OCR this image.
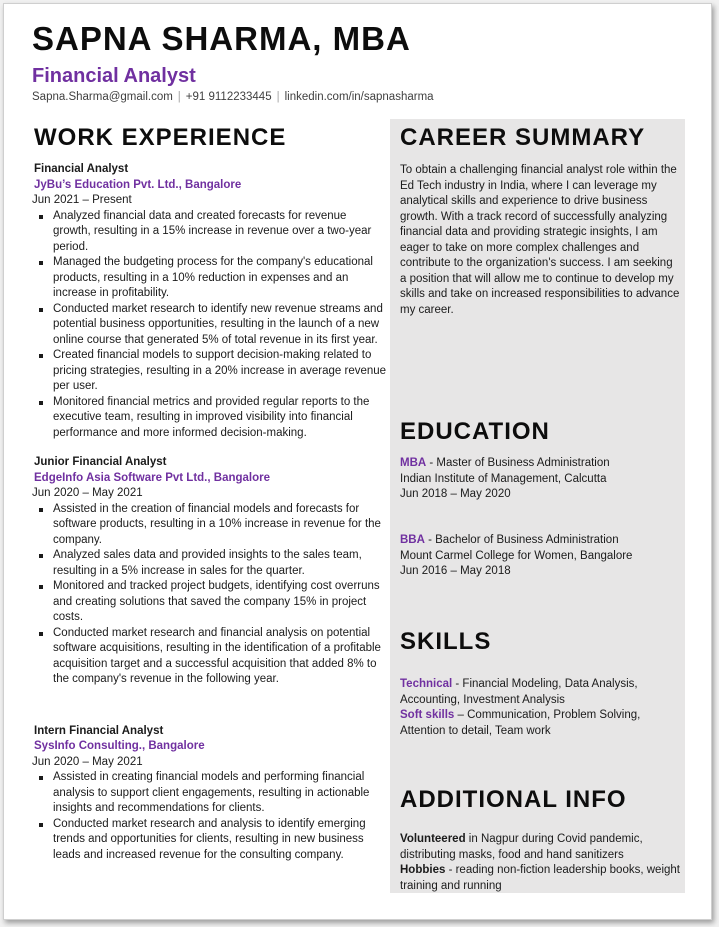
SAPNA SHARMA, MBA
Financial Analyst
Sapna.Sharma@gmail.com | +91 9112233445 | linkedin.com/in/sapnasharma
WORK EXPERIENCE
Financial Analyst
JyBu’s Education Pvt. Ltd., Bangalore
Jun 2021 – Present
Analyzed financial data and created forecasts for revenue growth, resulting in a 15% increase in revenue over a two-year period.
Managed the budgeting process for the company's educational products, resulting in a 10% reduction in expenses and an increase in profitability.
Conducted market research to identify new revenue streams and potential business opportunities, resulting in the launch of a new online course that generated 5% of total revenue in its first year.
Created financial models to support decision-making related to pricing strategies, resulting in a 20% increase in average revenue per user.
Monitored financial metrics and provided regular reports to the executive team, resulting in improved visibility into financial performance and more informed decision-making.
Junior Financial Analyst
EdgeInfo Asia Software Pvt Ltd., Bangalore
Jun 2020 – May 2021
Assisted in the creation of financial models and forecasts for software products, resulting in a 10% increase in revenue for the company.
Analyzed sales data and provided insights to the sales team, resulting in a 5% increase in sales for the quarter.
Monitored and tracked project budgets, identifying cost overruns and creating solutions that saved the company 15% in project costs.
Conducted market research and financial analysis on potential software acquisitions, resulting in the identification of a profitable acquisition target and a successful acquisition that added 8% to the company's revenue in the following year.
Intern Financial Analyst
SysInfo Consulting., Bangalore
Jun 2020 – May 2021
Assisted in creating financial models and performing financial analysis to support client engagements, resulting in actionable insights and recommendations for clients.
Conducted market research and analysis to identify emerging trends and opportunities for clients, resulting in new business leads and increased revenue for the consulting company.
CAREER SUMMARY
To obtain a challenging financial analyst role within the Ed Tech industry in India, where I can leverage my analytical skills and experience to drive business growth. With a track record of successfully analyzing financial data and providing strategic insights, I am eager to take on more complex challenges and contribute to the organization's success. I am seeking a position that will allow me to continue to develop my skills and take on increased responsibilities to advance my career.
EDUCATION
MBA - Master of Business Administration
Indian Institute of Management, Calcutta
Jun 2018 – May 2020
BBA - Bachelor of Business Administration
Mount Carmel College for Women, Bangalore
Jun 2016 – May 2018
SKILLS
Technical - Financial Modeling, Data Analysis, Accounting, Investment Analysis
Soft skills – Communication, Problem Solving, Attention to detail, Team work
ADDITIONAL INFO
Volunteered in Nagpur during Covid pandemic, distributing masks, food and hand sanitizers
Hobbies - reading non-fiction leadership books, weight training and running
